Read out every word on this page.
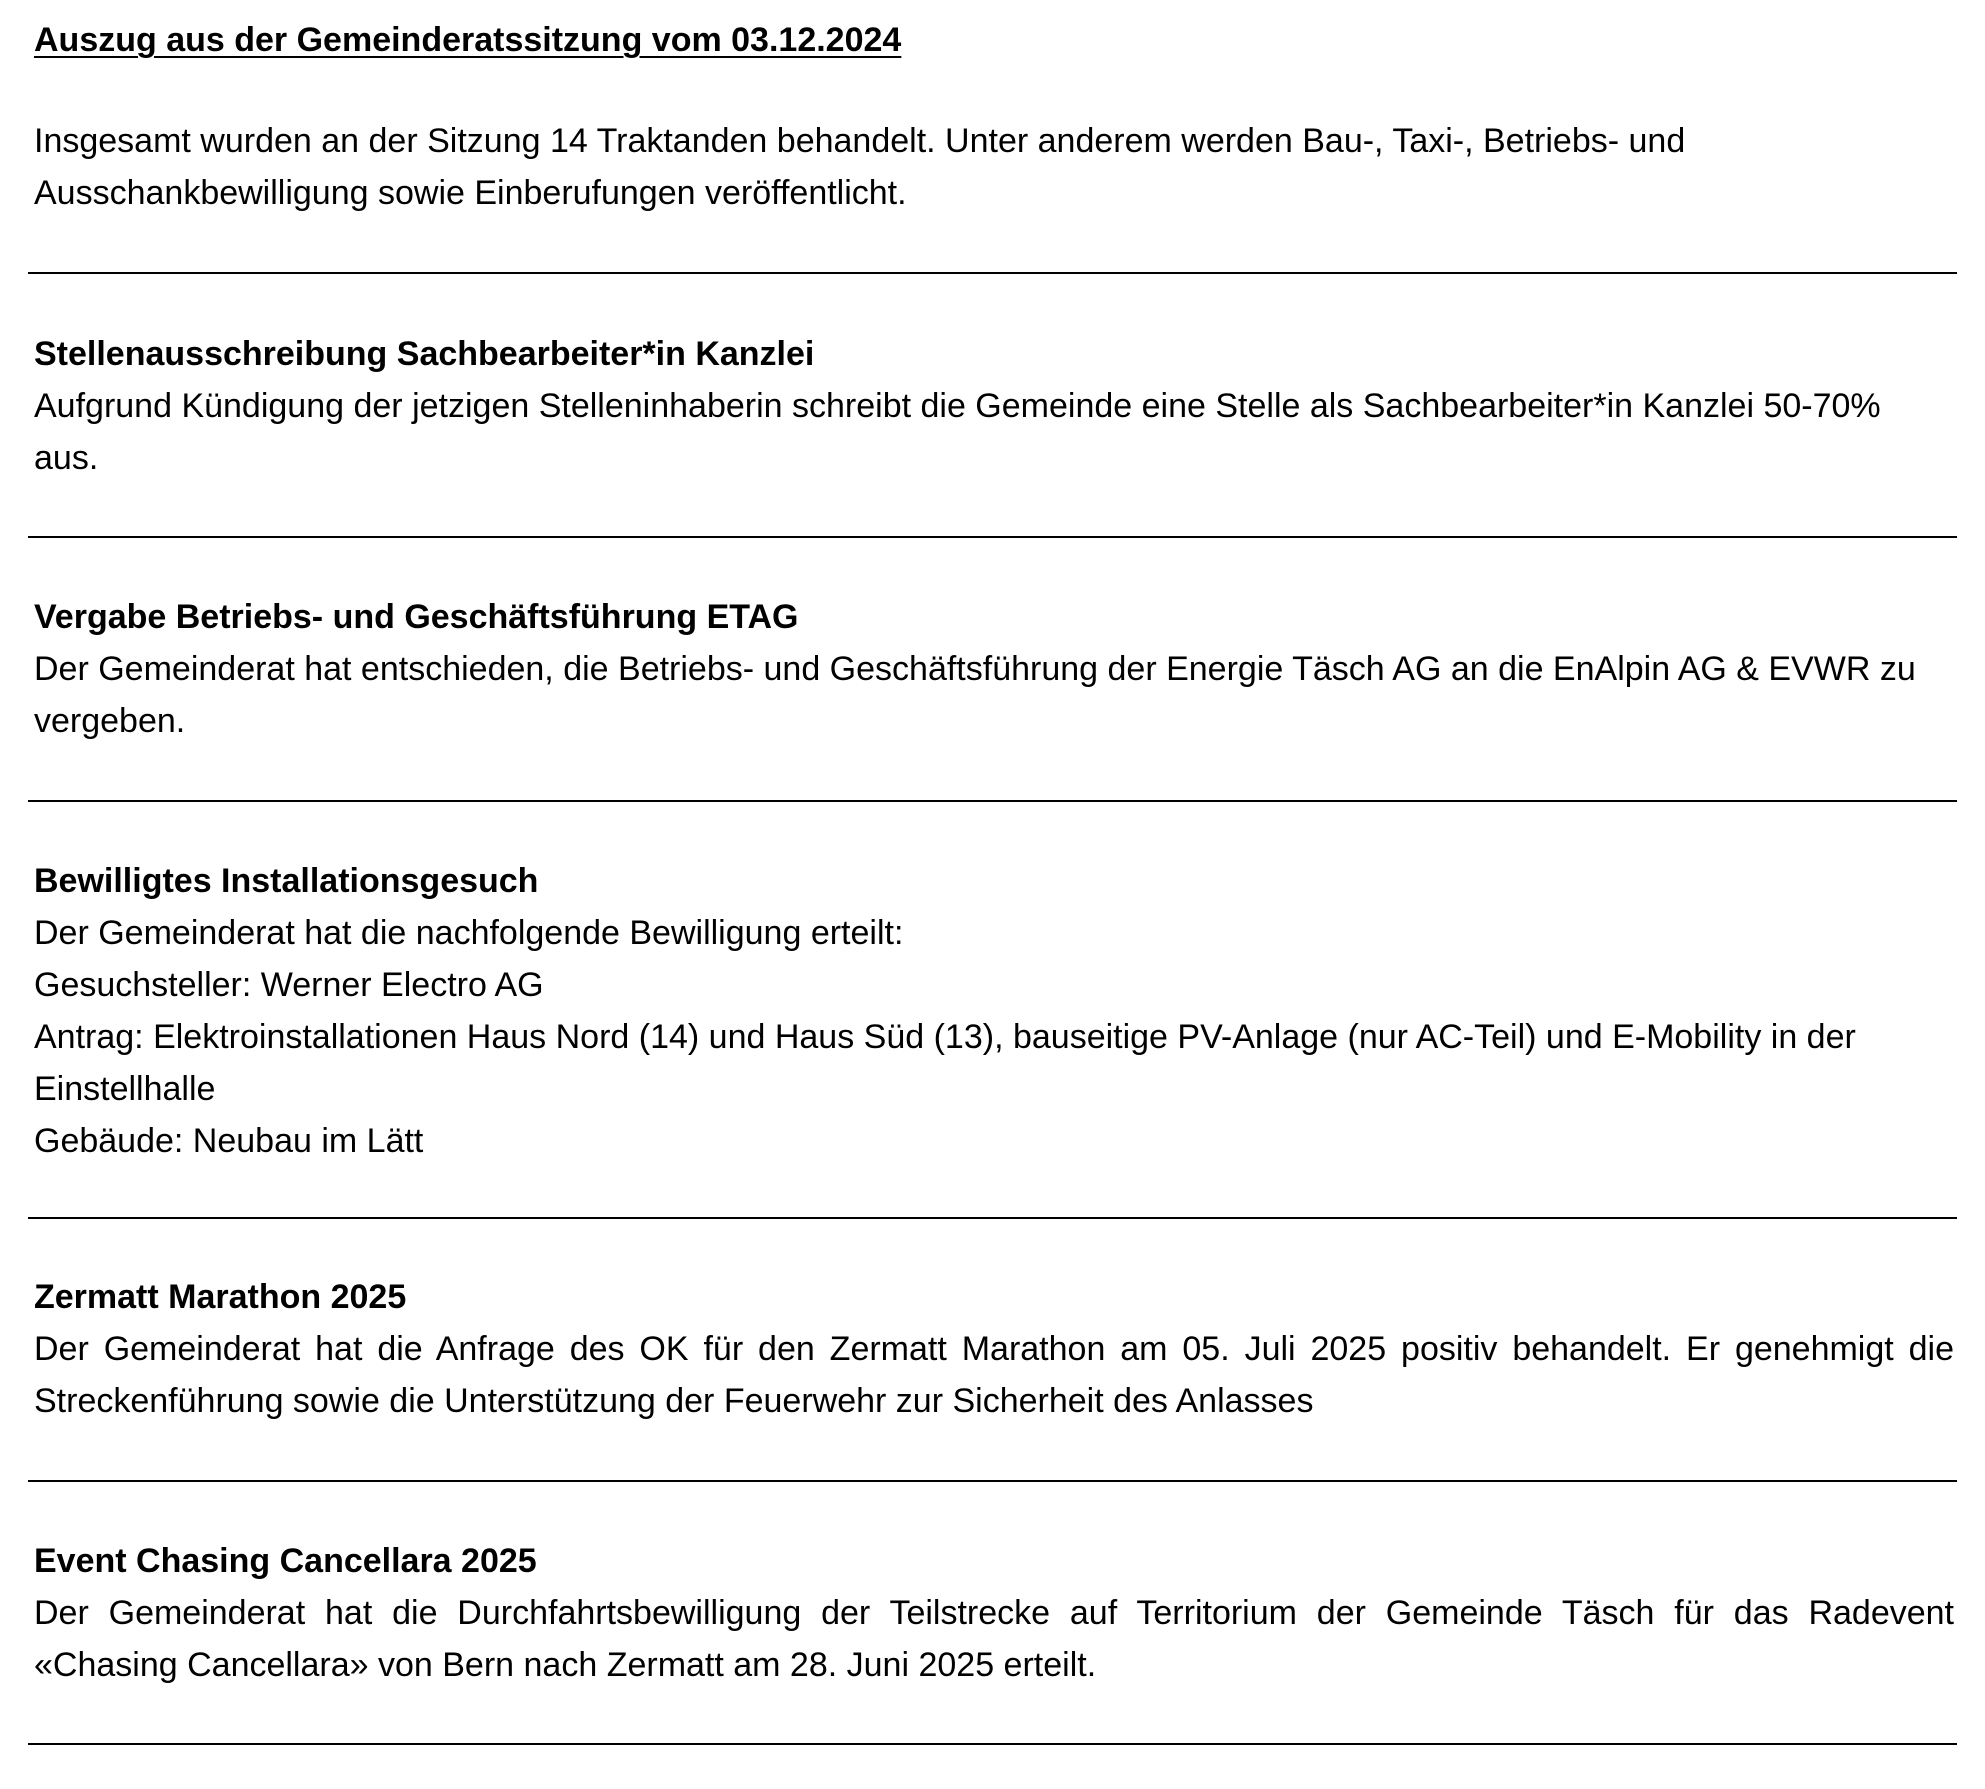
Auszug aus der Gemeinderatssitzung vom 03.12.2024

Insgesamt wurden an der Sitzung 14 Traktanden behandelt. Unter anderem werden Bau-, Taxi-, Betriebs- und Ausschankbewilligung sowie Einberufungen veröffentlicht.

Stellenausschreibung Sachbearbeiter*in Kanzlei

Aufgrund Kündigung der jetzigen Stelleninhaberin schreibt die Gemeinde eine Stelle als Sachbearbeiter*in Kanzlei 50-70% aus.

Vergabe Betriebs- und Geschäftsführung ETAG

Der Gemeinderat hat entschieden, die Betriebs- und Geschäftsführung der Energie Täsch AG an die EnAlpin AG & EVWR zu vergeben.

Bewilligtes Installationsgesuch

Der Gemeinderat hat die nachfolgende Bewilligung erteilt:

Gesuchsteller: Werner Electro AG

Antrag: Elektroinstallationen Haus Nord (14) und Haus Süd (13), bauseitige PV-Anlage (nur AC-Teil) und E-Mobility in der Einstellhalle

Gebäude: Neubau im Lätt

Zermatt Marathon 2025

Der Gemeinderat hat die Anfrage des OK für den Zermatt Marathon am 05. Juli 2025 positiv behandelt. Er genehmigt die Streckenführung sowie die Unterstützung der Feuerwehr zur Sicherheit des Anlasses

Event Chasing Cancellara 2025

Der Gemeinderat hat die Durchfahrtsbewilligung der Teilstrecke auf Territorium der Gemeinde Täsch für das Radevent «Chasing Cancellara» von Bern nach Zermatt am 28. Juni 2025 erteilt.
